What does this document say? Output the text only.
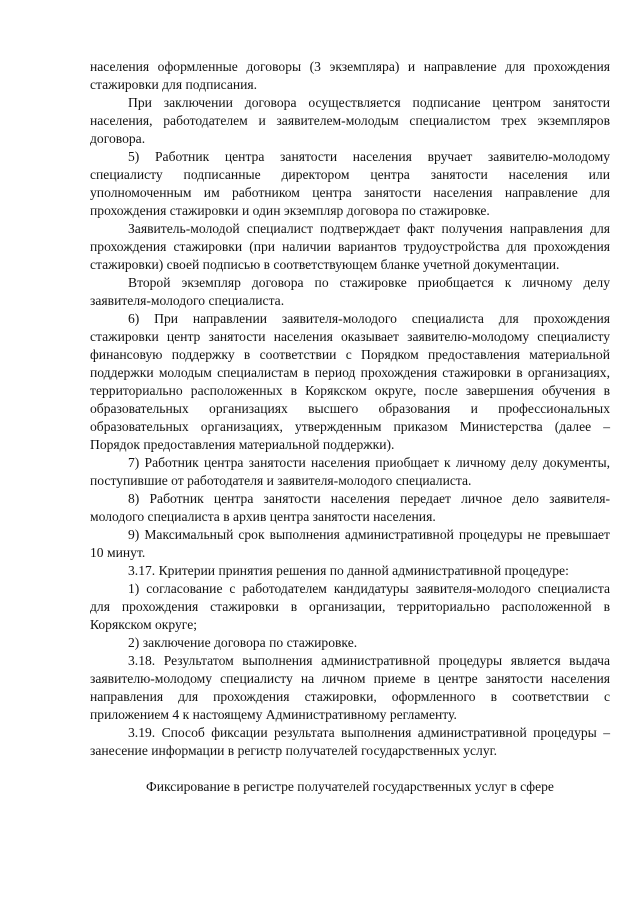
населения оформленные договоры (3 экземпляра) и направление для прохождения стажировки для подписания.

При заключении договора осуществляется подписание центром занятости населения, работодателем и заявителем-молодым специалистом трех экземпляров договора.

5) Работник центра занятости населения вручает заявителю-молодому специалисту подписанные директором центра занятости населения или уполномоченным им работником центра занятости населения направление для прохождения стажировки и один экземпляр договора по стажировке.

Заявитель-молодой специалист подтверждает факт получения направления для прохождения стажировки (при наличии вариантов трудоустройства для прохождения стажировки) своей подписью в соответствующем бланке учетной документации.

Второй экземпляр договора по стажировке приобщается к личному делу заявителя-молодого специалиста.

6) При направлении заявителя-молодого специалиста для прохождения стажировки центр занятости населения оказывает заявителю-молодому специалисту финансовую поддержку в соответствии с Порядком предоставления материальной поддержки молодым специалистам в период прохождения стажировки в организациях, территориально расположенных в Корякском округе, после завершения обучения в образовательных организациях высшего образования и профессиональных образовательных организациях, утвержденным приказом Министерства (далее – Порядок предоставления материальной поддержки).

7) Работник центра занятости населения приобщает к личному делу документы, поступившие от работодателя и заявителя-молодого специалиста.

8) Работник центра занятости населения передает личное дело заявителя-молодого специалиста в архив центра занятости населения.

9) Максимальный срок выполнения административной процедуры не превышает 10 минут.

3.17. Критерии принятия решения по данной административной процедуре:

1) согласование с работодателем кандидатуры заявителя-молодого специалиста для прохождения стажировки в организации, территориально расположенной в Корякском округе;

2) заключение договора по стажировке.

3.18. Результатом выполнения административной процедуры является выдача заявителю-молодому специалисту на личном приеме в центре занятости населения направления для прохождения стажировки, оформленного в соответствии с приложением 4 к настоящему Административному регламенту.

3.19. Способ фиксации результата выполнения административной процедуры – занесение информации в регистр получателей государственных услуг.

Фиксирование в регистре получателей государственных услуг в сфере
